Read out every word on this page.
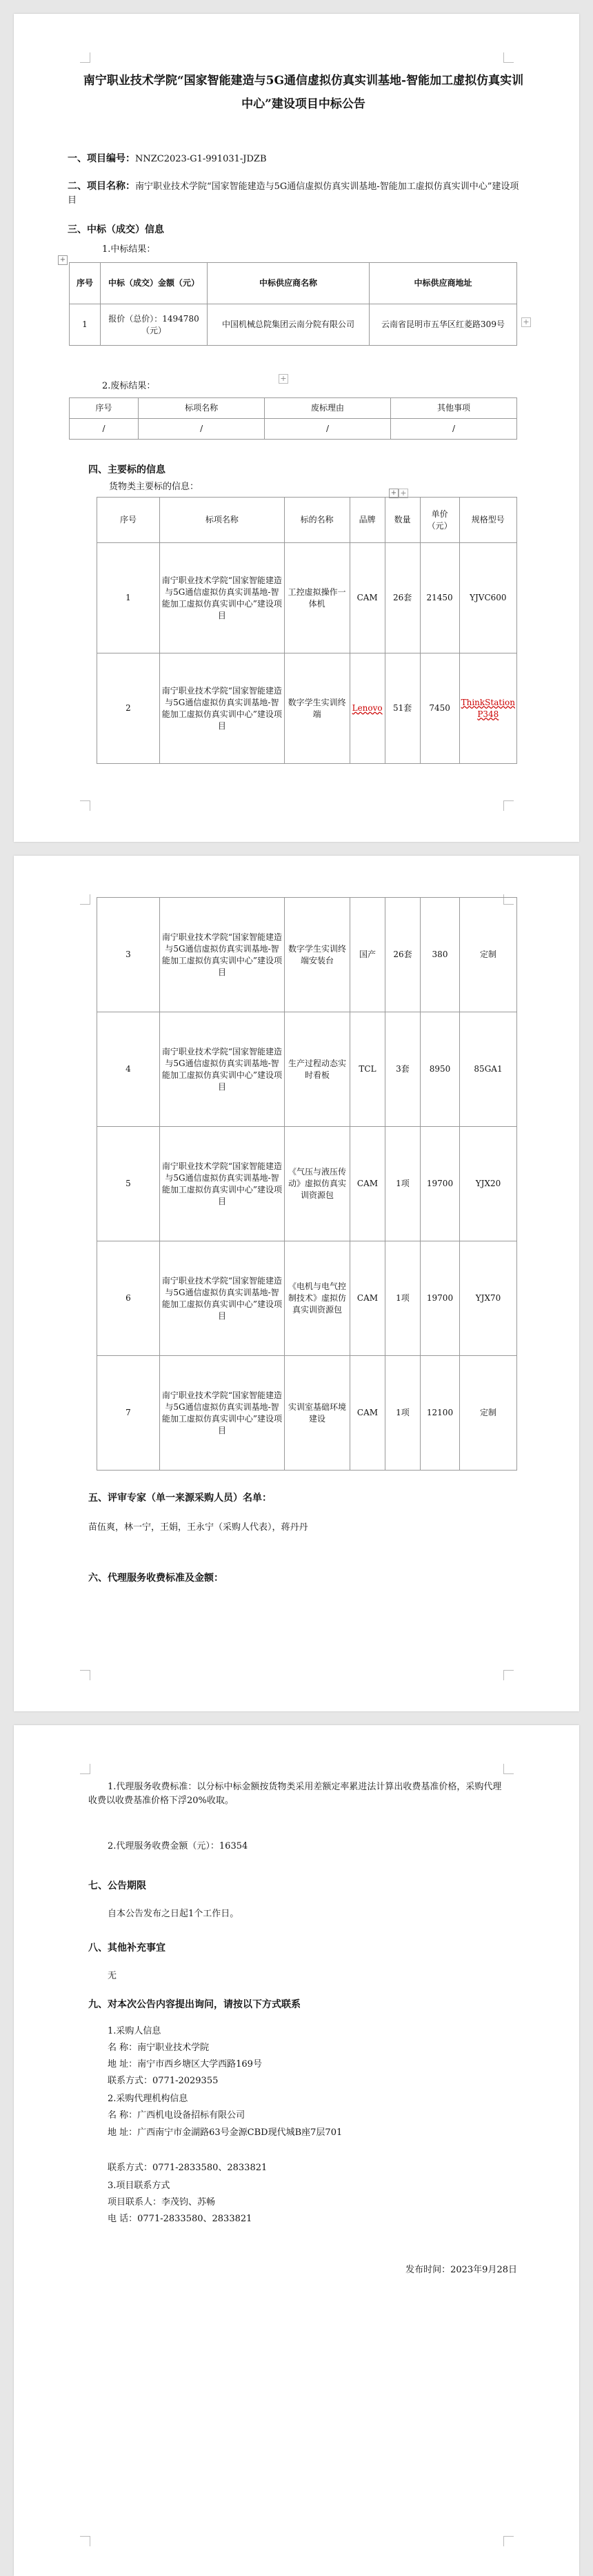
南宁职业技术学院“国家智能建造与5G通信虚拟仿真实训基地-智能加工虚拟仿真实训中心”建设项目中标公告
一、项目编号：NNZC2023-G1-991031-JDZB
二、项目名称：南宁职业技术学院“国家智能建造与5G通信虚拟仿真实训基地-智能加工虚拟仿真实训中心”建设项目
三、中标（成交）信息
1.中标结果：
+
序号	中标（成交）金额（元）	中标供应商名称	中标供应商地址
1	报价（总价）：1494780（元）	中国机械总院集团云南分院有限公司	云南省昆明市五华区红菱路309号 +
+
2.废标结果：
序号	标项名称	废标理由	其他事项
/	/	/	/
四、主要标的信息
货物类主要标的信息：
+ +
序号	标项名称	标的名称	品牌	数量	单价（元）	规格型号
1	南宁职业技术学院“国家智能建造与5G通信虚拟仿真实训基地-智能加工虚拟仿真实训中心”建设项目	工控虚拟操作一体机	CAM	26套	21450	YJVC600
2	南宁职业技术学院“国家智能建造与5G通信虚拟仿真实训基地-智能加工虚拟仿真实训中心”建设项目	数字学生实训终端	Lenovo	51套	7450	ThinkStation P348
3	南宁职业技术学院“国家智能建造与5G通信虚拟仿真实训基地-智能加工虚拟仿真实训中心”建设项目	数字学生实训终端安装台	国产	26套	380	定制
4	南宁职业技术学院“国家智能建造与5G通信虚拟仿真实训基地-智能加工虚拟仿真实训中心”建设项目	生产过程动态实时看板	TCL	3套	8950	85GA1
5	南宁职业技术学院“国家智能建造与5G通信虚拟仿真实训基地-智能加工虚拟仿真实训中心”建设项目	《气压与液压传动》虚拟仿真实训资源包	CAM	1项	19700	YJX20
6	南宁职业技术学院“国家智能建造与5G通信虚拟仿真实训基地-智能加工虚拟仿真实训中心”建设项目	《电机与电气控制技术》虚拟仿真实训资源包	CAM	1项	19700	YJX70
7	南宁职业技术学院“国家智能建造与5G通信虚拟仿真实训基地-智能加工虚拟仿真实训中心”建设项目	实训室基础环境建设	CAM	1项	12100	定制
五、评审专家（单一来源采购人员）名单：
苗伍爽，林一宁，王娟，王永宁（采购人代表），蒋丹丹
六、代理服务收费标准及金额：
1.代理服务收费标准：以分标中标金额按货物类采用差额定率累进法计算出收费基准价格，采购代理收费以收费基准价格下浮20%收取。
2.代理服务收费金额（元）：16354
七、公告期限
自本公告发布之日起1个工作日。
八、其他补充事宜
无
九、对本次公告内容提出询问，请按以下方式联系
1.采购人信息
名 称：南宁职业技术学院
地 址：南宁市西乡塘区大学西路169号
联系方式：0771-2029355
2.采购代理机构信息
名 称：广西机电设备招标有限公司
地 址：广西南宁市金湖路63号金源CBD现代城B座7层701
联系方式：0771-2833580、2833821
3.项目联系方式
项目联系人：李茂钧、苏畅
电 话：0771-2833580、2833821
发布时间：2023年9月28日
